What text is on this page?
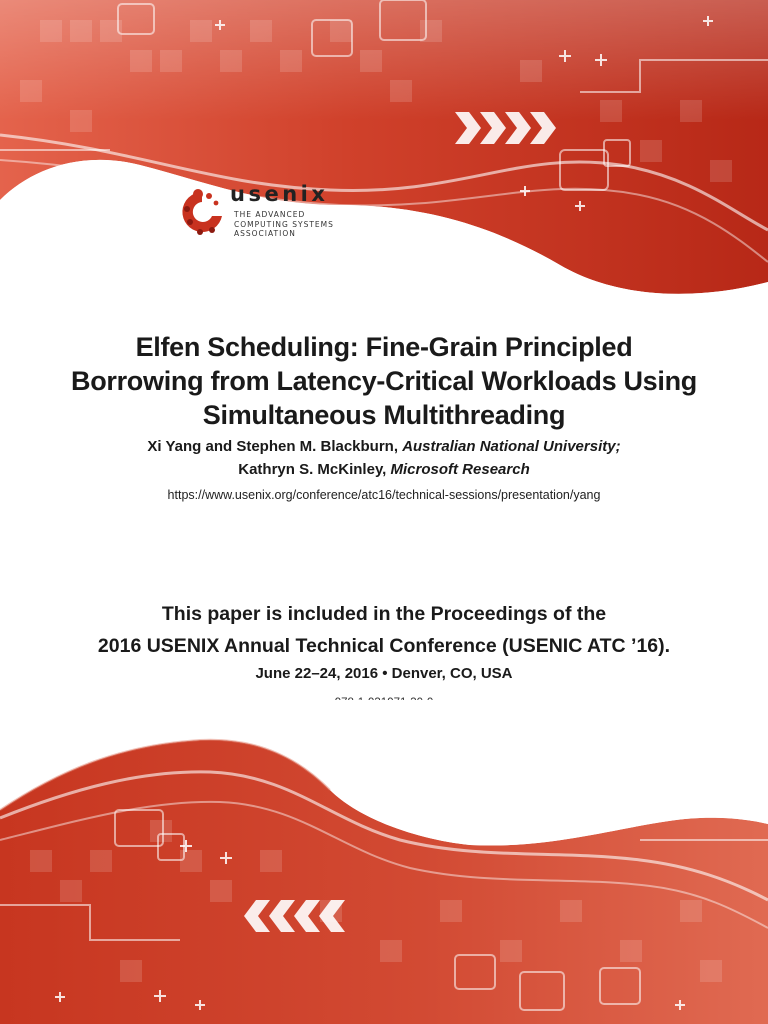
usenix
THE ADVANCED
COMPUTING SYSTEMS
ASSOCIATION
Elfen Scheduling: Fine-Grain Principled
Borrowing from Latency-Critical Workloads Using
Simultaneous Multithreading
Xi Yang and Stephen M. Blackburn, Australian National University;
Kathryn S. McKinley, Microsoft Research
https://www.usenix.org/conference/atc16/technical-sessions/presentation/yang
This paper is included in the Proceedings of the
2016 USENIX Annual Technical Conference (USENIC ATC ’16).
June 22–24, 2016 • Denver, CO, USA
